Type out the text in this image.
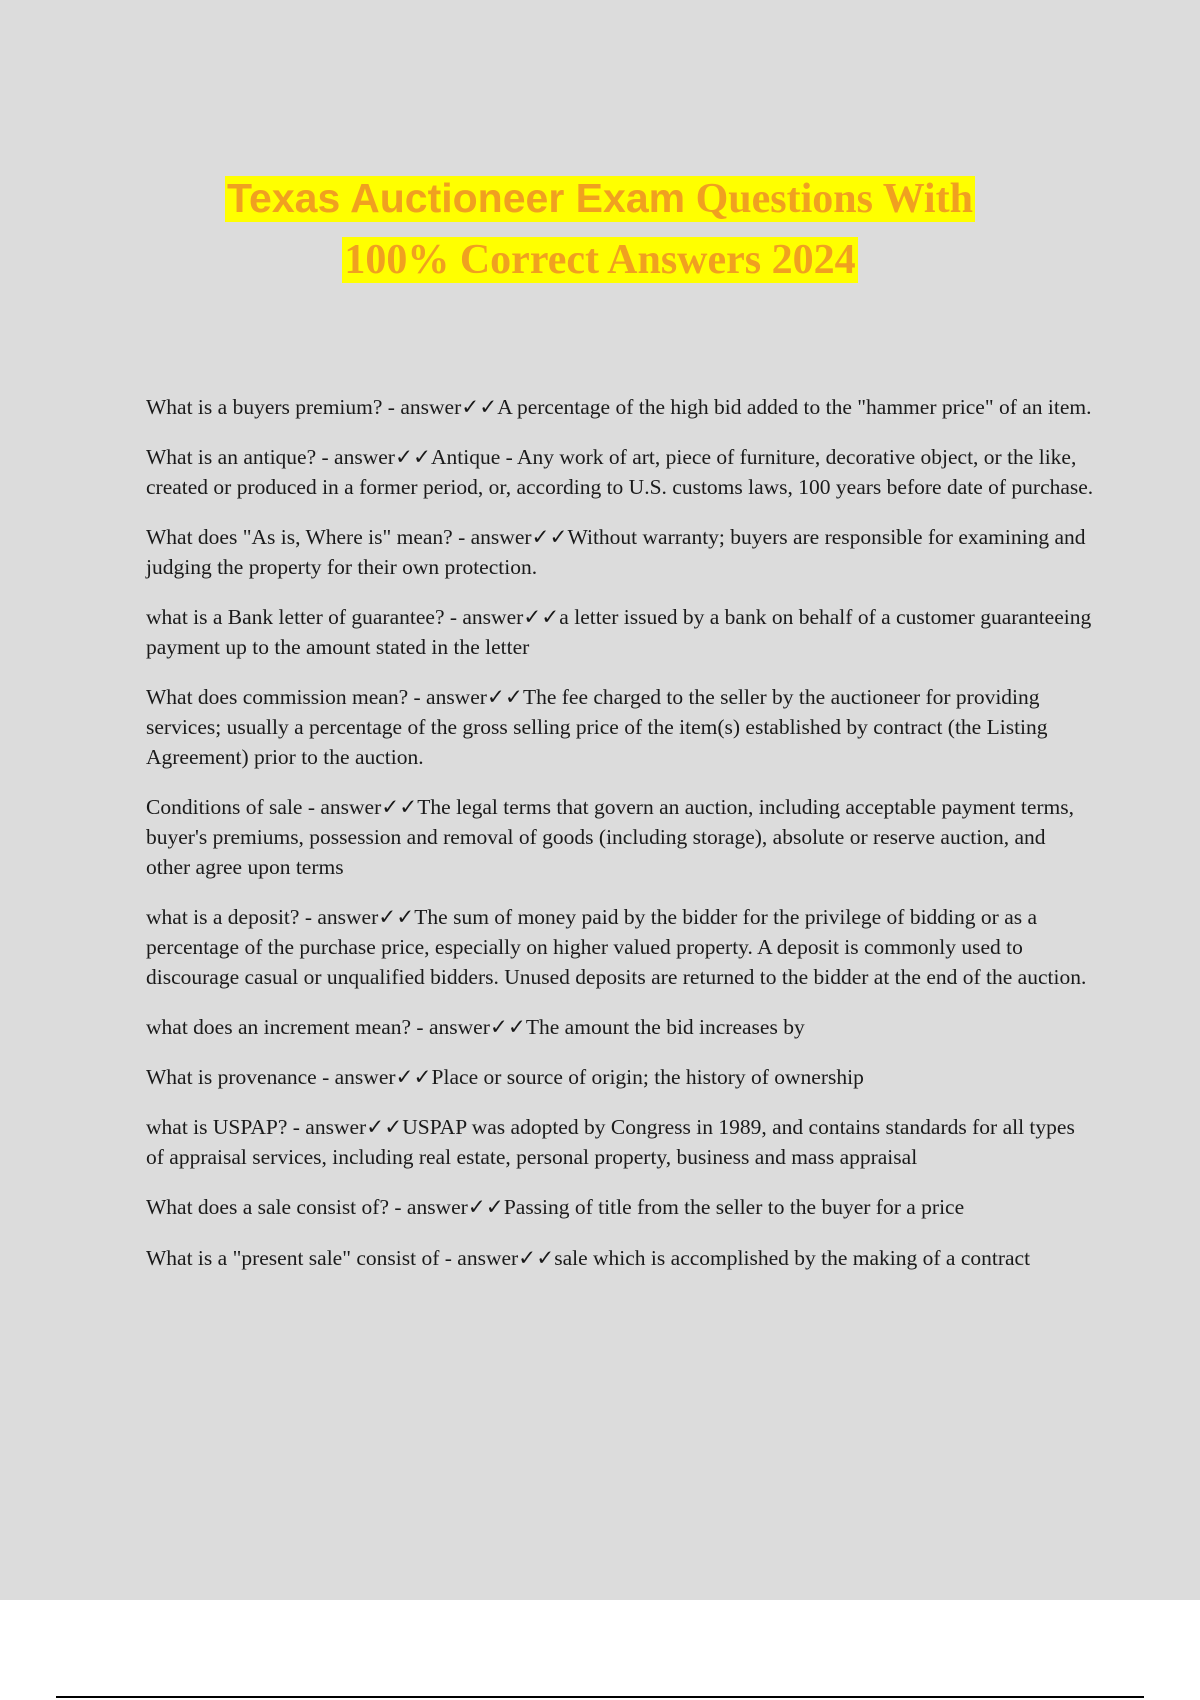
Texas Auctioneer Exam Questions With
100% Correct Answers 2024

What is a buyers premium? - answer✓✓A percentage of the high bid added to the "hammer price" of an item.

What is an antique? - answer✓✓Antique - Any work of art, piece of furniture, decorative object, or the like, created or produced in a former period, or, according to U.S. customs laws, 100 years before date of purchase.

What does "As is, Where is" mean? - answer✓✓Without warranty; buyers are responsible for examining and judging the property for their own protection.

what is a Bank letter of guarantee? - answer✓✓a letter issued by a bank on behalf of a customer guaranteeing payment up to the amount stated in the letter

What does commission mean? - answer✓✓The fee charged to the seller by the auctioneer for providing services; usually a percentage of the gross selling price of the item(s) established by contract (the Listing Agreement) prior to the auction.

Conditions of sale - answer✓✓The legal terms that govern an auction, including acceptable payment terms, buyer's premiums, possession and removal of goods (including storage), absolute or reserve auction, and other agree upon terms

what is a deposit? - answer✓✓The sum of money paid by the bidder for the privilege of bidding or as a percentage of the purchase price, especially on higher valued property. A deposit is commonly used to discourage casual or unqualified bidders. Unused deposits are returned to the bidder at the end of the auction.

what does an increment mean? - answer✓✓The amount the bid increases by

What is provenance - answer✓✓Place or source of origin; the history of ownership

what is USPAP? - answer✓✓USPAP was adopted by Congress in 1989, and contains standards for all types of appraisal services, including real estate, personal property, business and mass appraisal

What does a sale consist of? - answer✓✓Passing of title from the seller to the buyer for a price

What is a "present sale" consist of - answer✓✓sale which is accomplished by the making of a contract
